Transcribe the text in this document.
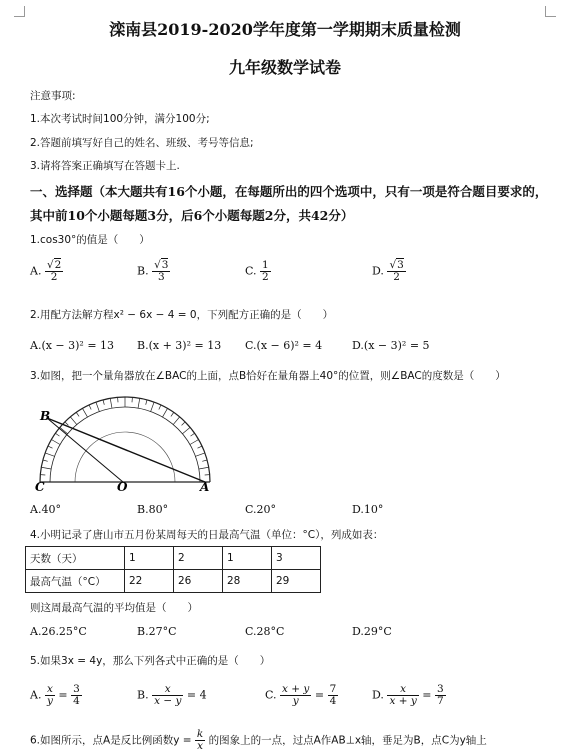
滦南县2019-2020学年度第一学期期末质量检测
九年级数学试卷
注意事项:
1.本次考试时间100分钟，满分100分;
2.答题前填写好自己的姓名、班级、考号等信息;
3.请将答案正确填写在答题卡上.
一、选择题（本大题共有16个小题，在每题所出的四个选项中，只有一项是符合题目要求的，
其中前10个小题每题3分，后6个小题每题2分，共42分）
1.cos30°的值是（　　）
A. $\frac{√2}{2}$	B. $\frac{√3}{3}$	C. $\frac{1}{2}$	D. $\frac{√3}{2}$
2.用配方法解方程x² − 6x − 4 = 0，下列配方正确的是（　　）
A.(x − 3)² = 13 B.(x + 3)² = 13 C.(x − 6)² = 4	D.(x − 3)² = 5
3.如图，把一个量角器放在∠BAC的上面，点B恰好在量角器上40°的位置，则∠BAC的度数是（　　）
B
C	O	A
A.40°	B.80°	C.20°	D.10°
4.小明记录了唐山市五月份某周每天的日最高气温（单位：°C），列成如表：
天数（天）	1	2	1	3
最高气温（°C）	22	26	28	29
则这周最高气温的平均值是（　　）
A.26.25°C	B.27°C	C.28°C	D.29°C
5.如果3x = 4y，那么下列各式中正确的是（　　）
A. $\frac{x}{y} = \frac{3}{4}$	B. $\frac{x}{x - y} = 4$	C. $\frac{x + y}{y} = \frac{7}{4}$	D. $\frac{x}{x + y} = \frac{3}{7}$
6.如图所示，点A是反比例函数$y = \frac{k}{x}$ 的图象上的一点，过点A作AB⊥x轴，垂足为B，点C为y轴上
